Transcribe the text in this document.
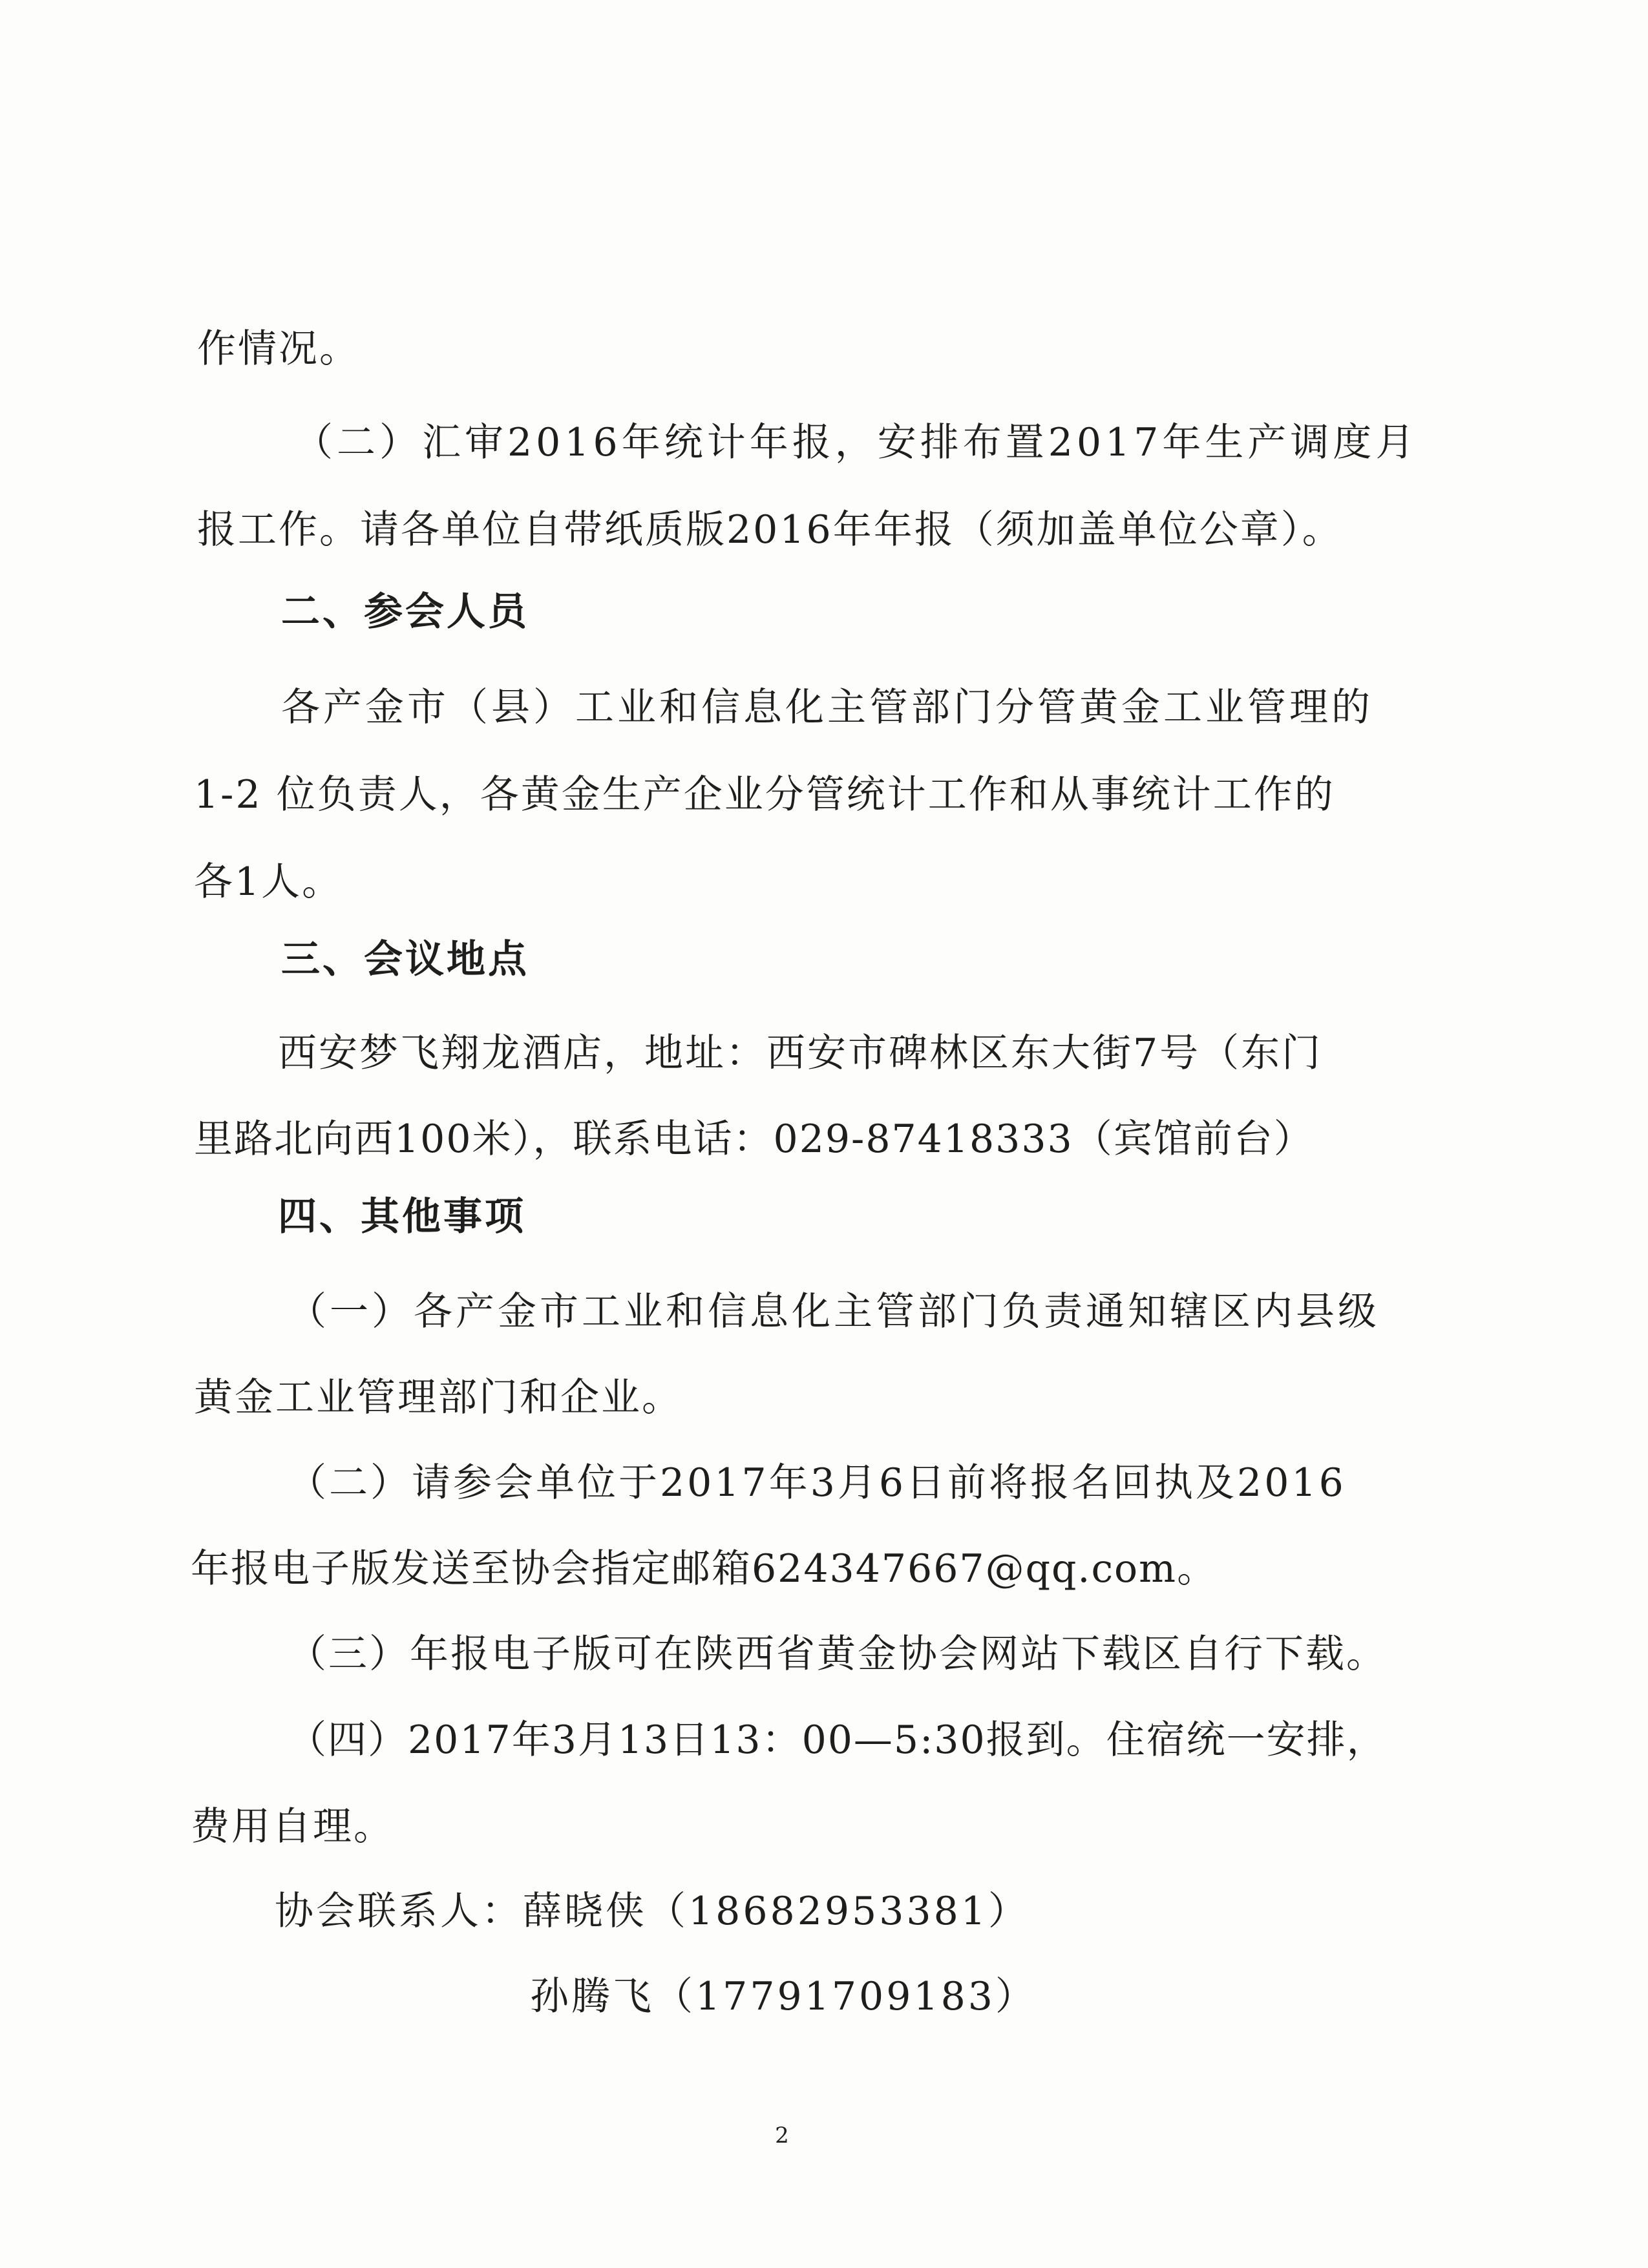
作情况。
（二）汇审2016年统计年报，安排布置2017年生产调度月
报工作。请各单位自带纸质版2016年年报（须加盖单位公章）。
二、参会人员
各产金市（县）工业和信息化主管部门分管黄金工业管理的
1-2 位负责人，各黄金生产企业分管统计工作和从事统计工作的
各1人。
三、会议地点
西安梦飞翔龙酒店，地址：西安市碑林区东大街7号（东门
里路北向西100米），联系电话：029-87418333（宾馆前台）
四、其他事项
（一）各产金市工业和信息化主管部门负责通知辖区内县级
黄金工业管理部门和企业。
（二）请参会单位于2017年3月6日前将报名回执及2016
年报电子版发送至协会指定邮箱624347667@qq.com。
（三）年报电子版可在陕西省黄金协会网站下载区自行下载。
（四）2017年3月13日13：00—5:30报到。住宿统一安排，
费用自理。
协会联系人：薛晓侠（18682953381）
孙腾飞（17791709183）
2
